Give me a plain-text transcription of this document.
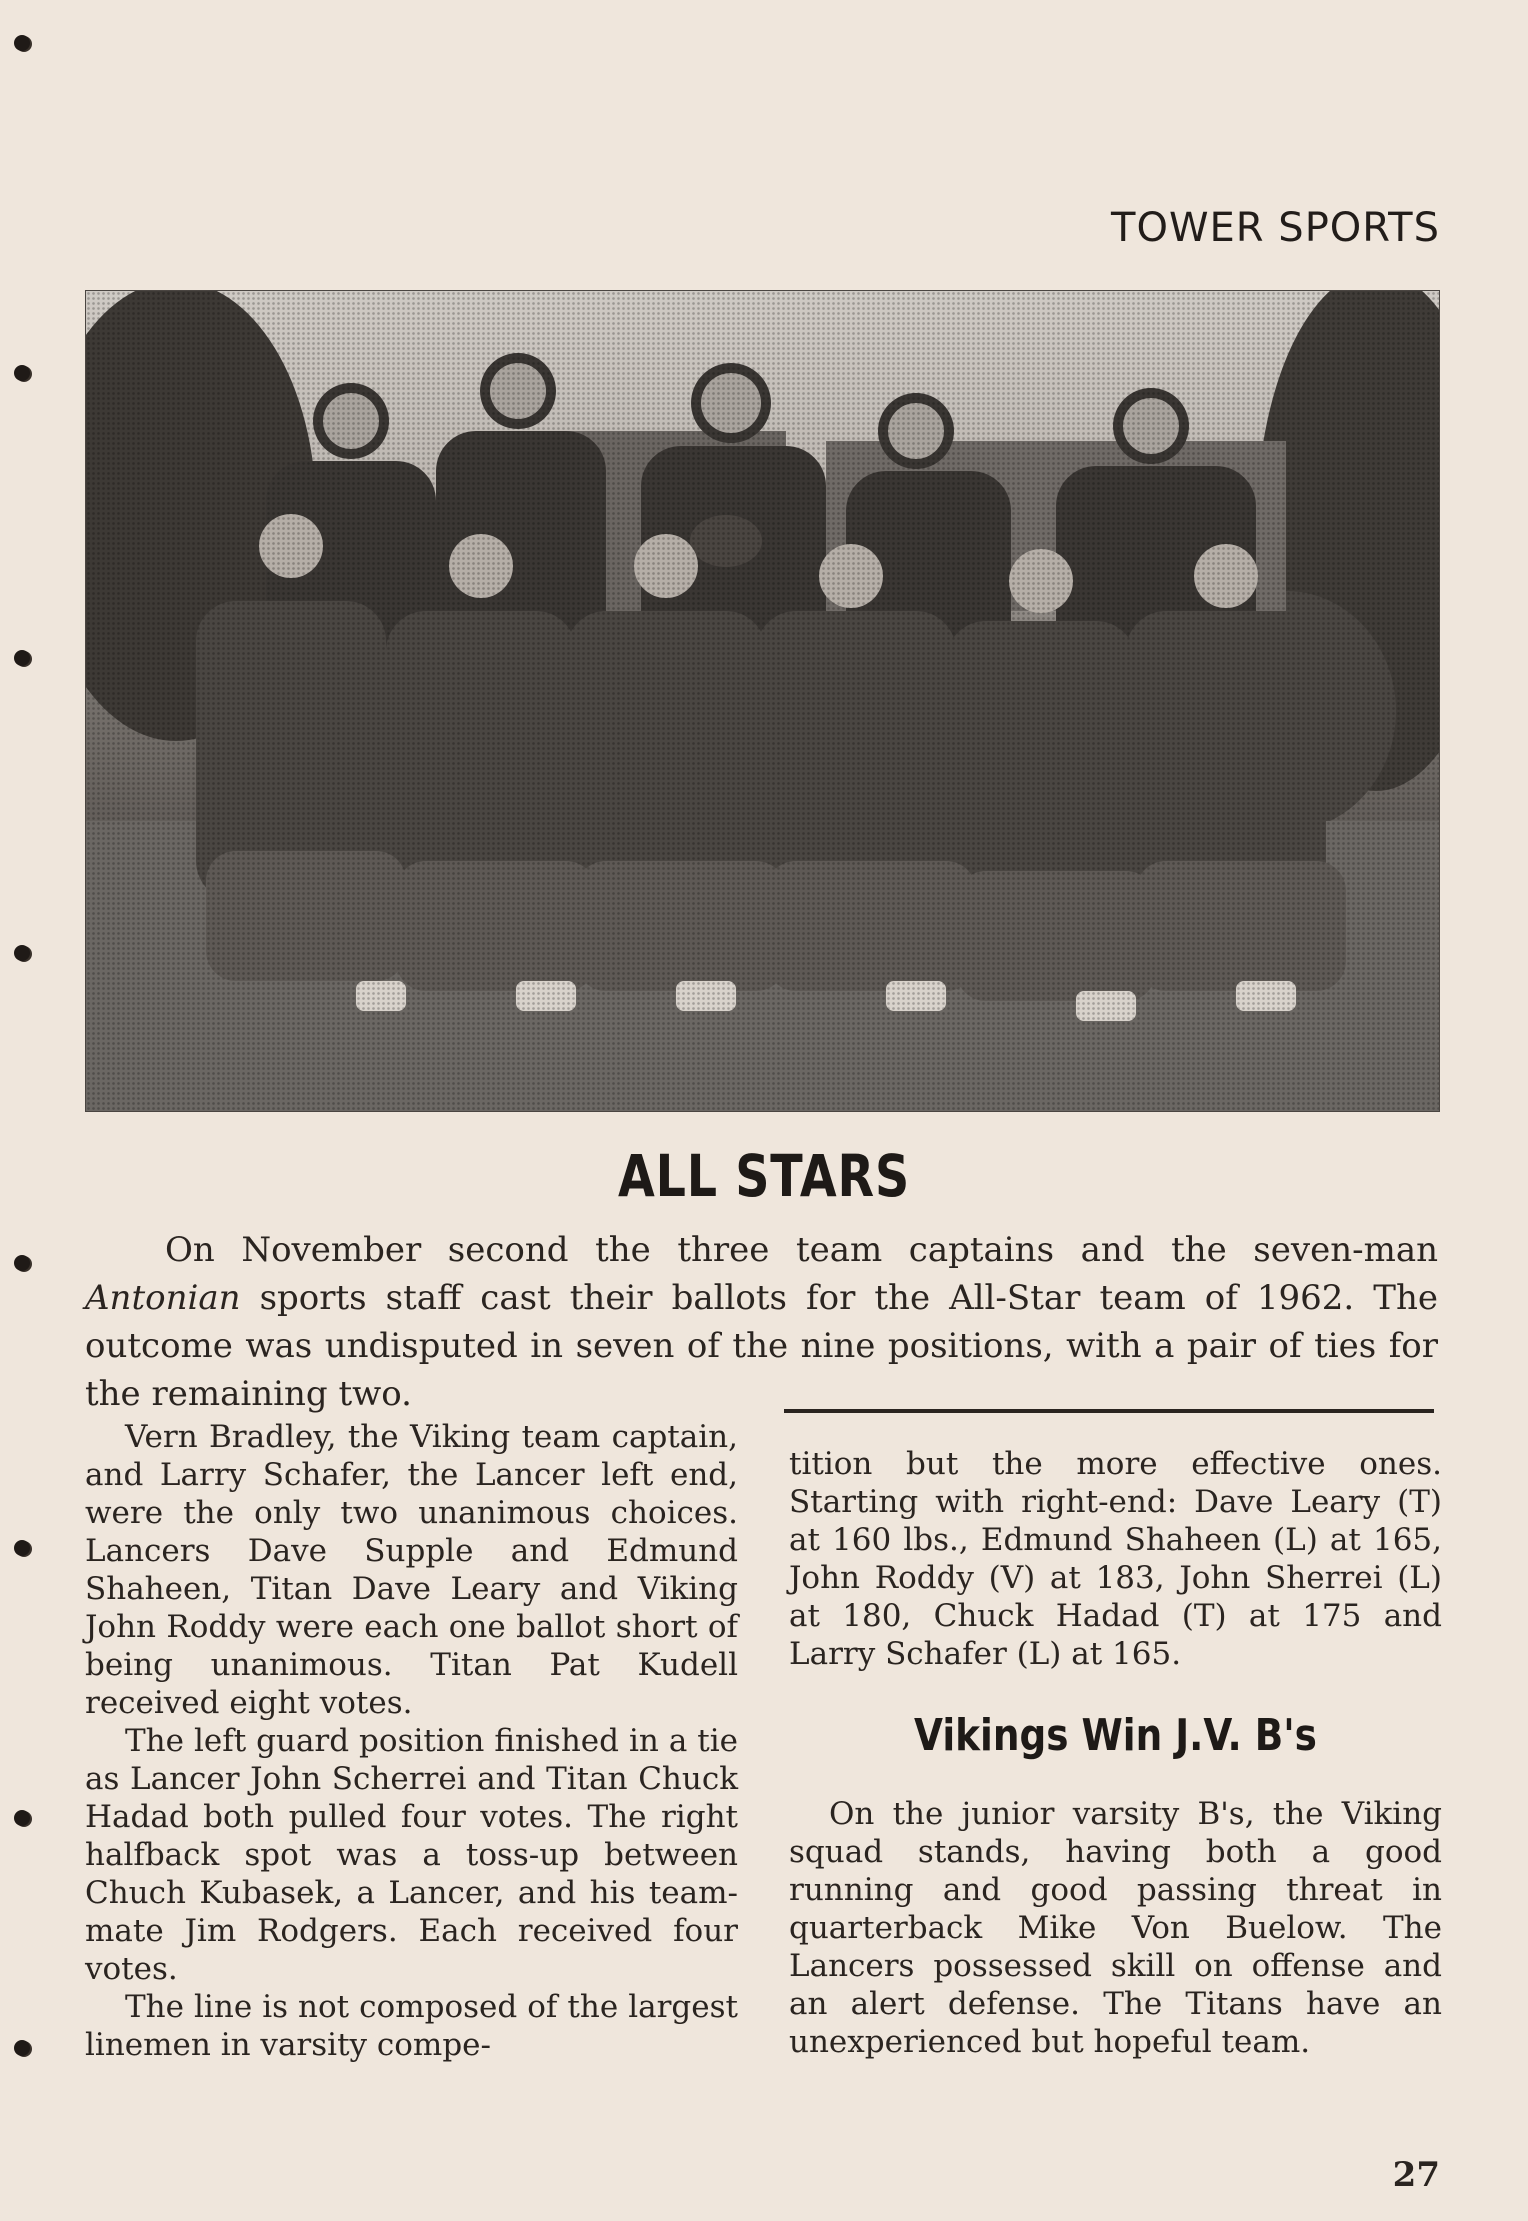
TOWER SPORTS
ALL STARS

On November second the three team captains and the seven-man Antonian sports staff cast their ballots for the All-Star team of 1962. The outcome was undisputed in seven of the nine positions, with a pair of ties for the remaining two.

Vern Bradley, the Viking team captain, and Larry Schafer, the Lancer left end, were the only two unanimous choices. Lancers Dave Supple and Edmund Shaheen, Titan Dave Leary and Viking John Roddy were each one ballot short of being unanimous. Titan Pat Kudell received eight votes.

The left guard position finished in a tie as Lancer John Scherrei and Titan Chuck Hadad both pulled four votes. The right halfback spot was a toss-up between Chuch Kubasek, a Lancer, and his team-mate Jim Rodgers. Each received four votes.

The line is not composed of the largest linemen in varsity compe-

tition but the more effective ones. Starting with right-end: Dave Leary (T) at 160 lbs., Edmund Shaheen (L) at 165, John Roddy (V) at 183, John Sherrei (L) at 180, Chuck Hadad (T) at 175 and Larry Schafer (L) at 165.

Vikings Win J.V. B's

On the junior varsity B's, the Viking squad stands, having both a good running and good passing threat in quarterback Mike Von Buelow. The Lancers possessed skill on offense and an alert defense. The Titans have an unexperienced but hopeful team.

27
